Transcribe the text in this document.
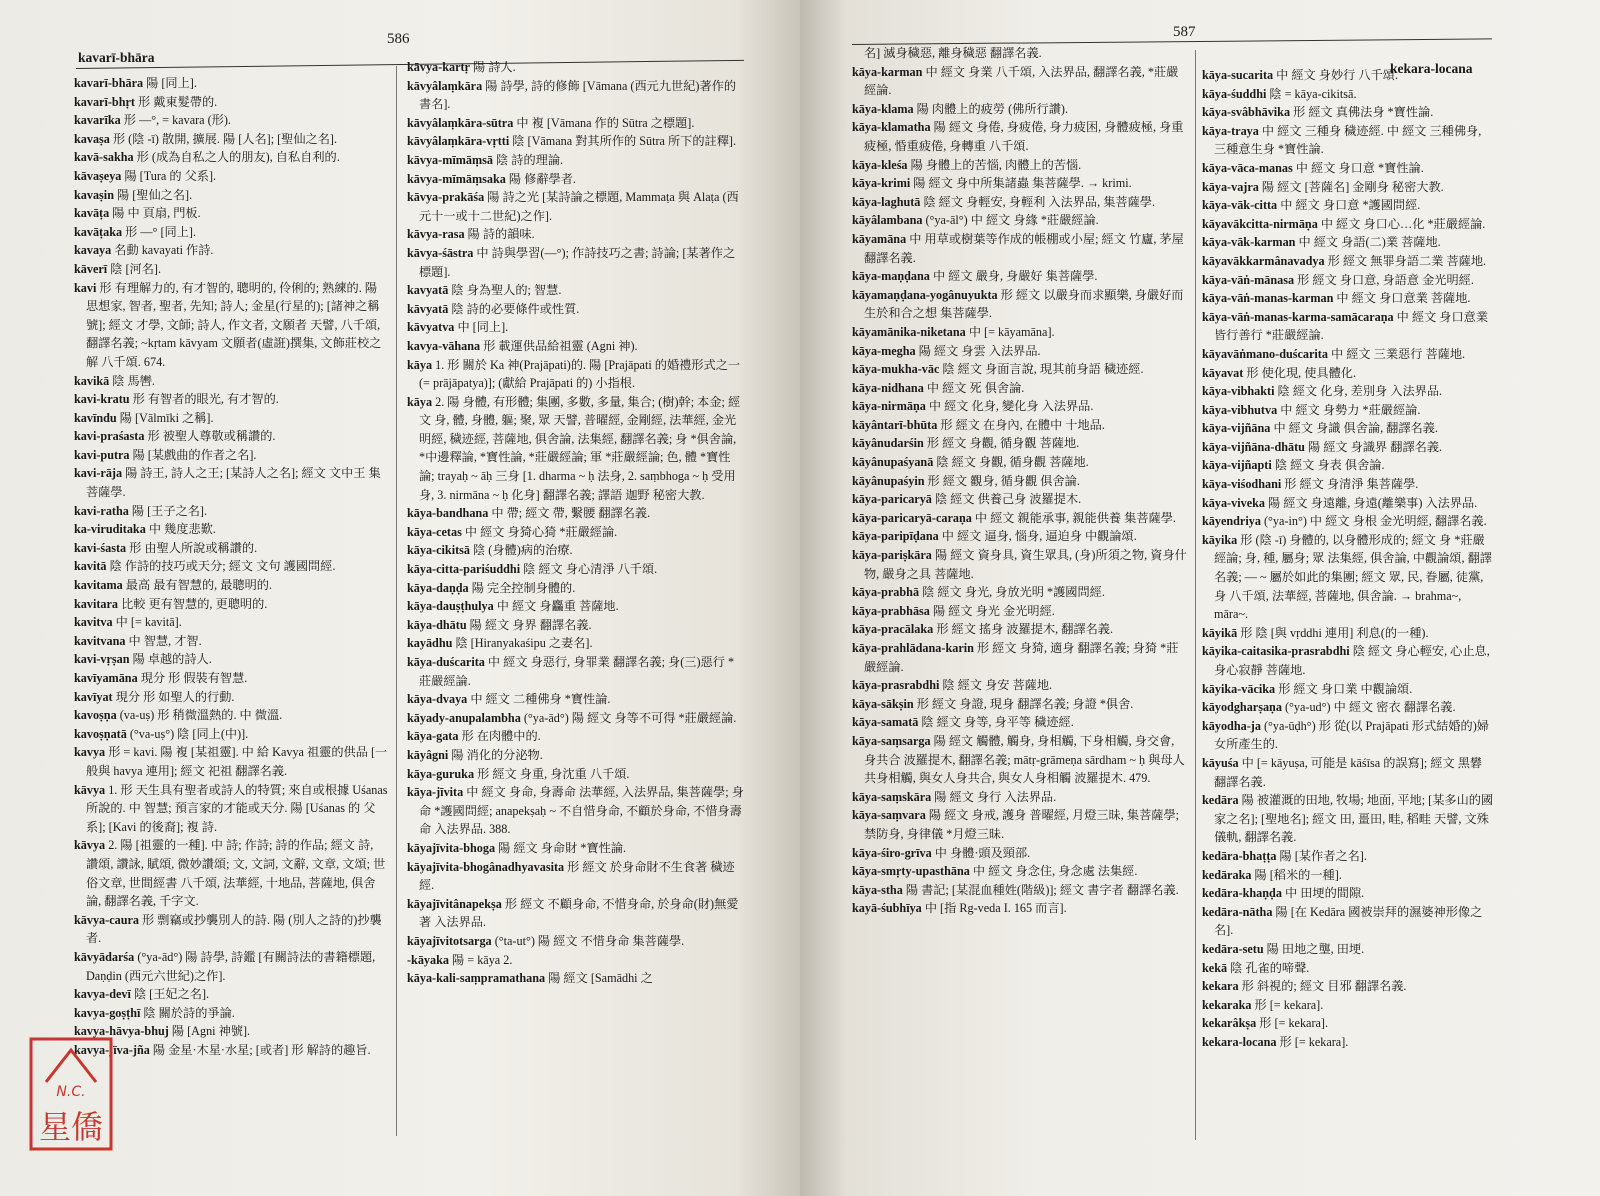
kavarī-bhāra
586

kavarī-bhāra 陽 [同上].

kavarī-bhṛt 形 戴東髮帶的.

kavarīka 形 —°, = kavara (形).

kavaṣa 形 (陰 -ī) 散開, 擴展. 陽 [人名]; [聖仙之名].

kavā-sakha 形 (成為自私之人的朋友), 自私自利的.

kāvaṣeya 陽 [Tura 的 父系].

kavaṣin 陽 [聖仙之名].

kavāṭa 陽 中 頁扇, 門板.

kavāṭaka 形 —° [同上].

kavaya 名動 kavayati 作詩.

kāverī 陰 [河名].

kavi 形 有理解力的, 有才智的, 聰明的, 伶俐的; 熟練的. 陽 思想家, 智者, 聖者, 先知; 詩人; 金星(行星的); [諸神之稱號]; 經文 才學, 文師; 詩人, 作文者, 文願者 天譬, 八千頌, 翻譯名義; ~kṛtam kāvyam 文願者(虛誑)撰集, 文飾莊校之解 八千頌. 674.

kavikā 陰 馬轡.

kavi-kratu 形 有智者的眼光, 有才智的.

kavīndu 陽 [Vālmīki 之稱].

kavi-praśasta 形 被聖人尊敬或稱讚的.

kavi-putra 陽 [某戲曲的作者之名].

kavi-rāja 陽 詩王, 詩人之王; [某詩人之名]; 經文 文中王 集菩薩學.

kavi-ratha 陽 [王子之名].

ka-viruditaka 中 幾度悲歎.

kavi-śasta 形 由聖人所說或稱讚的.

kavitā 陰 作詩的技巧或天分; 經文 文句 護國問經.

kavitama 最高 最有智慧的, 最聰明的.

kavitara 比較 更有智慧的, 更聰明的.

kavitva 中 [= kavitā].

kavitvana 中 智慧, 才智.

kavi-vṛṣan 陽 卓越的詩人.

kavīyamāna 現分 形 假裝有智慧.

kavīyat 現分 形 如聖人的行動.

kavoṣṇa (va-uṣ) 形 稍微溫熱的. 中 微溫.

kavoṣṇatā (°va-uṣ°) 陰 [同上(中)].

kavya 形 = kavi. 陽 複 [某祖靈]. 中 給 Kavya 祖靈的供品 [一般與 havya 連用]; 經文 祀祖 翻譯名義.

kāvya 1. 形 天生具有聖者或詩人的特質; 來自或根據 Uśanas 所說的. 中 智慧; 預言家的才能或天分. 陽 [Uśanas 的 父系]; [Kavi 的後裔]; 複 詩.

kāvya 2. 陽 [祖靈的一種]. 中 詩; 作詩; 詩的作品; 經文 詩, 讚頌, 讚詠, 賦頌, 微妙讚頌; 文, 文詞, 文辭, 文章, 文頌; 世俗文章, 世間經書 八千頌, 法華經, 十地品, 菩薩地, 俱舍論, 翻譯名義, 千字文.

kāvya-caura 形 剽竊或抄襲別人的詩. 陽 (別人之詩的)抄襲者.

kāvyādarśa (°ya-ād°) 陽 詩學, 詩鑑 [有關詩法的書籍標題, Daṇḍin (西元六世紀)之作].

kavya-devī 陰 [王妃之名].

kavya-goṣṭhī 陰 關於詩的爭論.

kavya-hāvya-bhuj 陽 [Agni 神號].

kavya-jīva-jña 陽 金星·木星·水星; [或者] 形 解詩的趣旨.

kāvya-kartṛ 陽 詩人.

kāvyâlaṃkāra 陽 詩學, 詩的修飾 [Vāmana (西元九世紀)著作的書名].

kāvyâlaṃkāra-sūtra 中 複 [Vāmana 作的 Sūtra 之標題].

kāvyâlaṃkāra-vṛtti 陰 [Vāmana 對其所作的 Sūtra 所下的註釋].

kāvya-mīmāṃsā 陰 詩的理論.

kāvya-mīmāṃsaka 陽 修辭學者.

kāvya-prakāśa 陽 詩之光 [某詩論之標題, Mammaṭa 與 Alaṭa (西元十一或十二世紀)之作].

kāvya-rasa 陽 詩的韻味.

kāvya-śāstra 中 詩與學習(—°); 作詩技巧之書; 詩論; [某著作之標題].

kavyatā 陰 身為聖人的; 智慧.

kāvyatā 陰 詩的必要條件或性質.

kāvyatva 中 [同上].

kavya-vāhana 形 載運供品給祖靈 (Agni 神).

kāya 1. 形 關於 Ka 神(Prajāpati)的. 陽 [Prajāpati 的婚禮形式之一 (= prājāpatya)]; (獻給 Prajāpati 的) 小指根.

kāya 2. 陽 身體, 有形體; 集團, 多數, 多量, 集合; (樹)幹; 本金; 經文 身, 體, 身體, 軀; 聚, 眾 天譬, 普曜經, 金剛經, 法華經, 金光明經, 穢迹經, 菩薩地, 俱舍論, 法集經, 翻譯名義; 身 *俱舍論, *中邊釋論, *寶性論, *莊嚴經論; 軍 *莊嚴經論; 色, 體 *寶性論; trayaḥ ~ āḥ 三身 [1. dharma ~ ḥ 法身, 2. saṃbhoga ~ ḥ 受用身, 3. nirmāna ~ ḥ 化身] 翻譯名義; 譯語 迦野 秘密大教.

kāya-bandhana 中 帶; 經文 帶, 繫腰 翻譯名義.

kāya-cetas 中 經文 身猗心猗 *莊嚴經論.

kāya-cikitsā 陰 (身體)病的治療.

kāya-citta-pariśuddhi 陰 經文 身心清淨 八千頌.

kāya-daṇḍa 陽 完全控制身體的.

kāya-dauṣṭhulya 中 經文 身麤重 菩薩地.

kāya-dhātu 陽 經文 身界 翻譯名義.

kayādhu 陰 [Hiranyakaśipu 之妻名].

kāya-duścarita 中 經文 身惡行, 身罪業 翻譯名義; 身(三)惡行 *莊嚴經論.

kāya-dvaya 中 經文 二種佛身 *寶性論.

kāyady-anupalambha (°ya-ād°) 陽 經文 身等不可得 *莊嚴經論.

kāya-gata 形 在肉體中的.

kāyâgni 陽 消化的分泌物.

kāya-guruka 形 經文 身重, 身沈重 八千頌.

kāya-jīvita 中 經文 身命, 身壽命 法華經, 入法界品, 集菩薩學; 身命 *護國問經; anapekṣaḥ ~ 不自惜身命, 不顧於身命, 不惜身壽命 入法界品. 388.

kāyajīvita-bhoga 陽 經文 身命財 *寶性論.

kāyajīvita-bhogânadhyavasita 形 經文 於身命財不生食著 穢迹經.

kāyajīvitânapekṣa 形 經文 不顧身命, 不惜身命, 於身命(財)無愛著 入法界品.

kāyajīvitotsarga (°ta-ut°) 陽 經文 不惜身命 集菩薩學.

-kāyaka 陽 = kāya 2.

kāya-kali-saṃpramathana 陽 經文 [Samādhi 之

587
kekara-locana

名] 滅身穢惡, 離身穢惡 翻譯名義.

kāya-karman 中 經文 身業 八千頌, 入法界品, 翻譯名義, *莊嚴經論.

kāya-klama 陽 肉體上的疲勞 (佛所行讚).

kāya-klamatha 陽 經文 身倦, 身疲倦, 身力疲困, 身體疲極, 身重疲極, 惛重疲倦, 身轉重 八千頌.

kāya-kleśa 陽 身體上的苦惱, 肉體上的苦惱.

kāya-krimi 陽 經文 身中所集諸蟲 集菩薩學. → krimi.

kāya-laghutā 陰 經文 身輕安, 身輕利 入法界品, 集菩薩學.

kāyâlambana (°ya-āl°) 中 經文 身緣 *莊嚴經論.

kāyamāna 中 用草或樹葉等作成的帳棚或小屋; 經文 竹廬, 茅屋 翻譯名義.

kāya-maṇḍana 中 經文 嚴身, 身嚴好 集菩薩學.

kāyamaṇḍana-yogânuyukta 形 經文 以嚴身而求顯樂, 身嚴好而生於和合之想 集菩薩學.

kāyamānika-niketana 中 [= kāyamāna].

kāya-megha 陽 經文 身雲 入法界品.

kāya-mukha-vāc 陰 經文 身面言說, 現其前身語 穢迹經.

kāya-nidhana 中 經文 死 俱舍論.

kāya-nirmāṇa 中 經文 化身, 變化身 入法界品.

kāyântarī-bhūta 形 經文 在身內, 在體中 十地品.

kāyânudarśin 形 經文 身觀, 循身觀 菩薩地.

kāyânupaśyanā 陰 經文 身觀, 循身觀 菩薩地.

kāyânupaśyin 形 經文 觀身, 循身觀 俱舍論.

kāya-paricaryā 陰 經文 供養己身 波羅提木.

kāya-paricaryā-caraṇa 中 經文 親能承事, 親能供養 集菩薩學.

kāya-paripīḍana 中 經文 逼身, 惱身, 逼迫身 中觀論頌.

kāya-pariṣkāra 陽 經文 資身具, 資生眾具, (身)所須之物, 資身什物, 嚴身之具 菩薩地.

kāya-prabhā 陰 經文 身光, 身放光明 *護國問經.

kāya-prabhāsa 陽 經文 身光 金光明經.

kāya-pracālaka 形 經文 搖身 波羅提木, 翻譯名義.

kāya-prahlādana-karin 形 經文 身猗, 適身 翻譯名義; 身猗 *莊嚴經論.

kāya-prasrabdhi 陰 經文 身安 菩薩地.

kāya-sākṣin 形 經文 身證, 現身 翻譯名義; 身證 *俱舍.

kāya-samatā 陰 經文 身等, 身平等 穢迹經.

kāya-saṃsarga 陽 經文 觸體, 觸身, 身相觸, 下身相觸, 身交會, 身共合 波羅提木, 翻譯名義; mātṛ-grāmeṇa sārdham ~ ḥ 與母人共身相觸, 與女人身共合, 與女人身相觸 波羅提木. 479.

kāya-saṃskāra 陽 經文 身行 入法界品.

kāya-saṃvara 陽 經文 身戒, 護身 普曜經, 月燈三昧, 集菩薩學; 禁防身, 身律儀 *月燈三昧.

kāya-śiro-grīva 中 身體·頭及頸部.

kāya-smṛty-upasthāna 中 經文 身念住, 身念處 法集經.

kāya-stha 陽 書記; [某混血種姓(階級)]; 經文 書字者 翻譯名義.

kayā-śubhīya 中 [指 Rg-veda I. 165 而言].

kāya-sucarita 中 經文 身妙行 八千頌.

kāya-śuddhi 陰 = kāya-cikitsā.

kāya-svâbhāvika 形 經文 真佛法身 *寶性論.

kāya-traya 中 經文 三種身 穢迹經. 中 經文 三種佛身, 三種意生身 *寶性論.

kāya-vāca-manas 中 經文 身口意 *寶性論.

kāya-vajra 陽 經文 [菩薩名] 金剛身 秘密大教.

kāya-vāk-citta 中 經文 身口意 *護國問經.

kāyavākcitta-nirmāṇa 中 經文 身口心…化 *莊嚴經論.

kāya-vāk-karman 中 經文 身語(二)業 菩薩地.

kāyavākkarmânavadya 形 經文 無罪身語二業 菩薩地.

kāya-vāṅ-mānasa 形 經文 身口意, 身語意 金光明經.

kāya-vāṅ-manas-karman 中 經文 身口意業 菩薩地.

kāya-vāṅ-manas-karma-samācaraṇa 中 經文 身口意業皆行善行 *莊嚴經論.

kāyavāṅmano-duścarita 中 經文 三業惡行 菩薩地.

kāyavat 形 使化現, 使具體化.

kāya-vibhakti 陰 經文 化身, 差別身 入法界品.

kāya-vibhutva 中 經文 身勢力 *莊嚴經論.

kāya-vijñāna 中 經文 身識 俱舍論, 翻譯名義.

kāya-vijñāna-dhātu 陽 經文 身識界 翻譯名義.

kāya-vijñapti 陰 經文 身表 俱舍論.

kāya-viśodhani 形 經文 身清淨 集菩薩學.

kāya-viveka 陽 經文 身遠離, 身遠(離樂事) 入法界品.

kāyendriya (°ya-in°) 中 經文 身根 金光明經, 翻譯名義.

kāyika 形 (陰 -ī) 身體的, 以身體形成的; 經文 身 *莊嚴經論; 身, 種, 屬身; 眾 法集經, 俱舍論, 中觀論頌, 翻譯名義; — ~ 屬於如此的集團; 經文 眾, 民, 眷屬, 徒黨, 身 八千頌, 法華經, 菩薩地, 俱舍論. → brahma~, māra~.

kāyikā 形 陰 [與 vṛddhi 連用] 利息(的一種).

kāyika-caitasika-prasrabdhi 陰 經文 身心輕安, 心止息, 身心寂靜 菩薩地.

kāyika-vācika 形 經文 身口業 中觀論頌.

kāyodgharṣaṇa (°ya-ud°) 中 經文 密衣 翻譯名義.

kāyodha-ja (°ya-ūḍh°) 形 從(以 Prajāpati 形式結婚的)婦女所產生的.

kāyuśa 中 [= kāyuṣa, 可能是 kāśīsa 的誤寫]; 經文 黑礬 翻譯名義.

kedāra 陽 被灌溉的田地, 牧場; 地面, 平地; [某多山的國家之名]; [聖地名]; 經文 田, 畺田, 畦, 稻畦 天譬, 文殊儀軌, 翻譯名義.

kedāra-bhaṭṭa 陽 [某作者之名].

kedāraka 陽 [稻米的一種].

kedāra-khaṇḍa 中 田埂的間隙.

kedāra-nātha 陽 [在 Kedāra 國被崇拜的濕婆神形像之名].

kedāra-setu 陽 田地之壟, 田埂.

kekā 陰 孔雀的啼聲.

kekara 形 斜視的; 經文 目邪 翻譯名義.

kekaraka 形 [= kekara].

kekarâkṣa 形 [= kekara].

kekara-locana 形 [= kekara].

N.C.
星僑
